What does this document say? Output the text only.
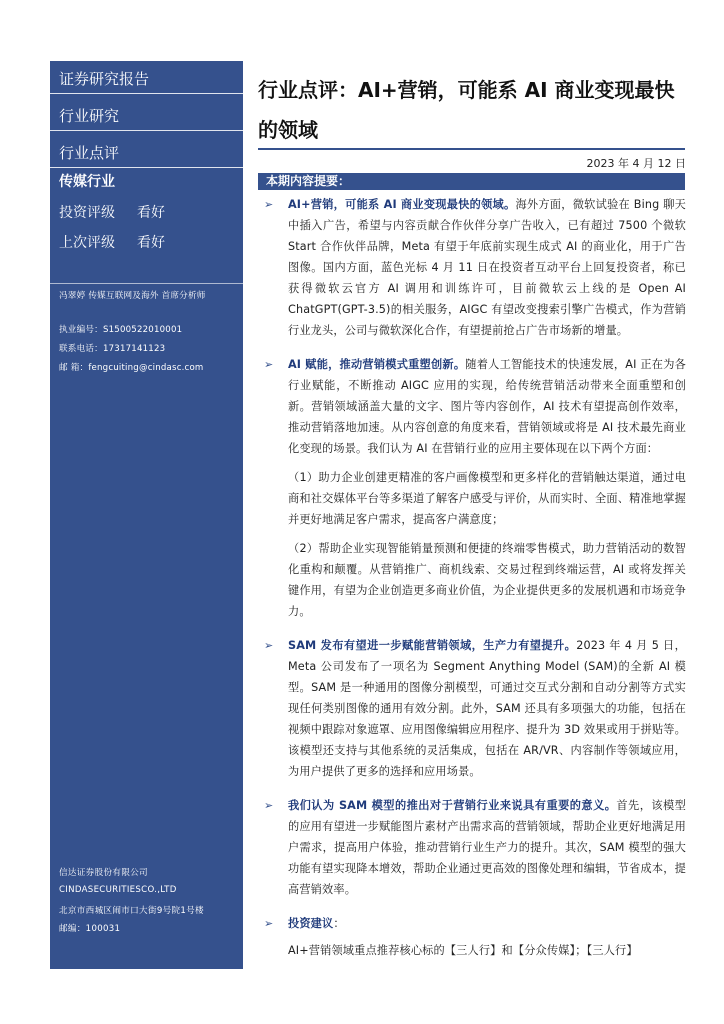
证券研究报告
行业研究
行业点评
传媒行业
投资评级 看好
上次评级 看好
冯翠婷 传媒互联网及海外 首席分析师
执业编号：S1500522010001
联系电话：17317141123
邮 箱：fengcuiting@cindasc.com
信达证券股份有限公司
CINDASECURITIESCO.,LTD
北京市西城区闹市口大街9号院1号楼
邮编：100031
行业点评：AI+营销，可能系 AI 商业变现最快的领域
2023 年 4 月 12 日
本期内容提要：
➢ AI+营销，可能系 AI 商业变现最快的领域。海外方面，微软试验在 Bing 聊天中插入广告，希望与内容贡献合作伙伴分享广告收入，已有超过 7500 个微软 Start 合作伙伴品牌，Meta 有望于年底前实现生成式 AI 的商业化，用于广告图像。国内方面，蓝色光标 4 月 11 日在投资者互动平台上回复投资者，称已获得微软云官方 AI 调用和训练许可，目前微软云上线的是 Open AI ChatGPT(GPT-3.5)的相关服务，AIGC 有望改变搜索引擎广告模式，作为营销行业龙头，公司与微软深化合作，有望提前抢占广告市场新的增量。
➢ AI 赋能，推动营销模式重塑创新。随着人工智能技术的快速发展，AI 正在为各行业赋能，不断推动 AIGC 应用的实现，给传统营销活动带来全面重塑和创新。营销领域涵盖大量的文字、图片等内容创作，AI 技术有望提高创作效率，推动营销落地加速。从内容创意的角度来看，营销领域或将是 AI 技术最先商业化变现的场景。我们认为 AI 在营销行业的应用主要体现在以下两个方面：
（1）助力企业创建更精准的客户画像模型和更多样化的营销触达渠道，通过电商和社交媒体平台等多渠道了解客户感受与评价，从而实时、全面、精准地掌握并更好地满足客户需求，提高客户满意度；
（2）帮助企业实现智能销量预测和便捷的终端零售模式，助力营销活动的数智化重构和颠覆。从营销推广、商机线索、交易过程到终端运营，AI 或将发挥关键作用，有望为企业创造更多商业价值，为企业提供更多的发展机遇和市场竞争力。
➢ SAM 发布有望进一步赋能营销领域，生产力有望提升。2023 年 4 月 5 日，Meta 公司发布了一项名为 Segment Anything Model (SAM)的全新 AI 模型。SAM 是一种通用的图像分割模型，可通过交互式分割和自动分割等方式实现任何类别图像的通用有效分割。此外，SAM 还具有多项强大的功能，包括在视频中跟踪对象遮罩、应用图像编辑应用程序、提升为 3D 效果或用于拼贴等。该模型还支持与其他系统的灵活集成，包括在 AR/VR、内容制作等领域应用，为用户提供了更多的选择和应用场景。
➢ 我们认为 SAM 模型的推出对于营销行业来说具有重要的意义。首先，该模型的应用有望进一步赋能图片素材产出需求高的营销领域，帮助企业更好地满足用户需求，提高用户体验，推动营销行业生产力的提升。其次，SAM 模型的强大功能有望实现降本增效，帮助企业通过更高效的图像处理和编辑，节省成本，提高营销效率。
➢ 投资建议：
AI+营销领域重点推荐核心标的【三人行】和【分众传媒】；【三人行】
